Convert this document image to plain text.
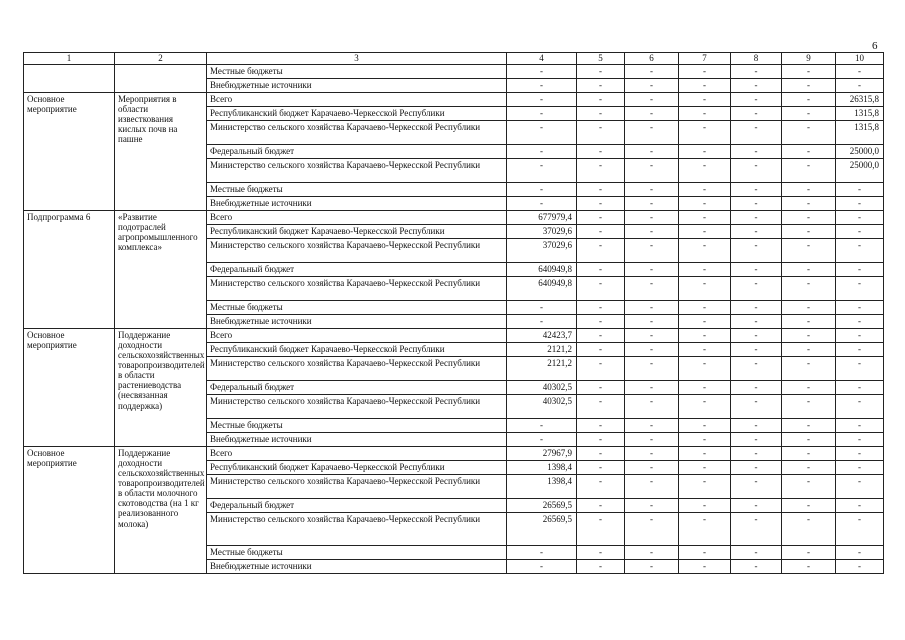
6
1	2	3	4	5	6	7	8	9	10
		Местные бюджеты	-	-	-	-	-	-	-
		Внебюджетные источники	-	-	-	-	-	-	-
Основное мероприятие	Мероприятия в области известкования кислых почв на пашне	Всего	-	-	-	-	-	-	26315,8
		Республиканский бюджет Карачаево-Черкесской Республики	-	-	-	-	-	-	1315,8
		Министерство сельского хозяйства Карачаево-Черкесской Республики	-	-	-	-	-	-	1315,8
		Федеральный бюджет	-	-	-	-	-	-	25000,0
		Министерство сельского хозяйства Карачаево-Черкесской Республики	-	-	-	-	-	-	25000,0
		Местные бюджеты	-	-	-	-	-	-	-
		Внебюджетные источники	-	-	-	-	-	-	-
Подпрограмма 6	«Развитие подотраслей агропромышленного комплекса»	Всего	677979,4	-	-	-	-	-	-
		Республиканский бюджет Карачаево-Черкесской Республики	37029,6	-	-	-	-	-	-
		Министерство сельского хозяйства Карачаево-Черкесской Республики	37029,6	-	-	-	-	-	-
		Федеральный бюджет	640949,8	-	-	-	-	-	-
		Министерство сельского хозяйства Карачаево-Черкесской Республики	640949,8	-	-	-	-	-	-
		Местные бюджеты	-	-	-	-	-	-	-
		Внебюджетные источники	-	-	-	-	-	-	-
Основное мероприятие	Поддержание доходности сельскохозяйственных товаропроизводителей в области растениеводства (несвязанная поддержка)	Всего	42423,7	-	-	-	-	-	-
		Республиканский бюджет Карачаево-Черкесской Республики	2121,2	-	-	-	-	-	-
		Министерство сельского хозяйства Карачаево-Черкесской Республики	2121,2	-	-	-	-	-	-
		Федеральный бюджет	40302,5	-	-	-	-	-	-
		Министерство сельского хозяйства Карачаево-Черкесской Республики	40302,5	-	-	-	-	-	-
		Местные бюджеты	-	-	-	-	-	-	-
		Внебюджетные источники	-	-	-	-	-	-	-
Основное мероприятие	Поддержание доходности сельскохозяйственных товаропроизводителей в области молочного скотоводства (на 1 кг реализованного молока)	Всего	27967,9	-	-	-	-	-	-
		Республиканский бюджет Карачаево-Черкесской Республики	1398,4	-	-	-	-	-	-
		Министерство сельского хозяйства Карачаево-Черкесской Республики	1398,4	-	-	-	-	-	-
		Федеральный бюджет	26569,5	-	-	-	-	-	-
		Министерство сельского хозяйства Карачаево-Черкесской Республики	26569,5	-	-	-	-	-	-
		Местные бюджеты	-	-	-	-	-	-	-
		Внебюджетные источники	-	-	-	-	-	-	-
